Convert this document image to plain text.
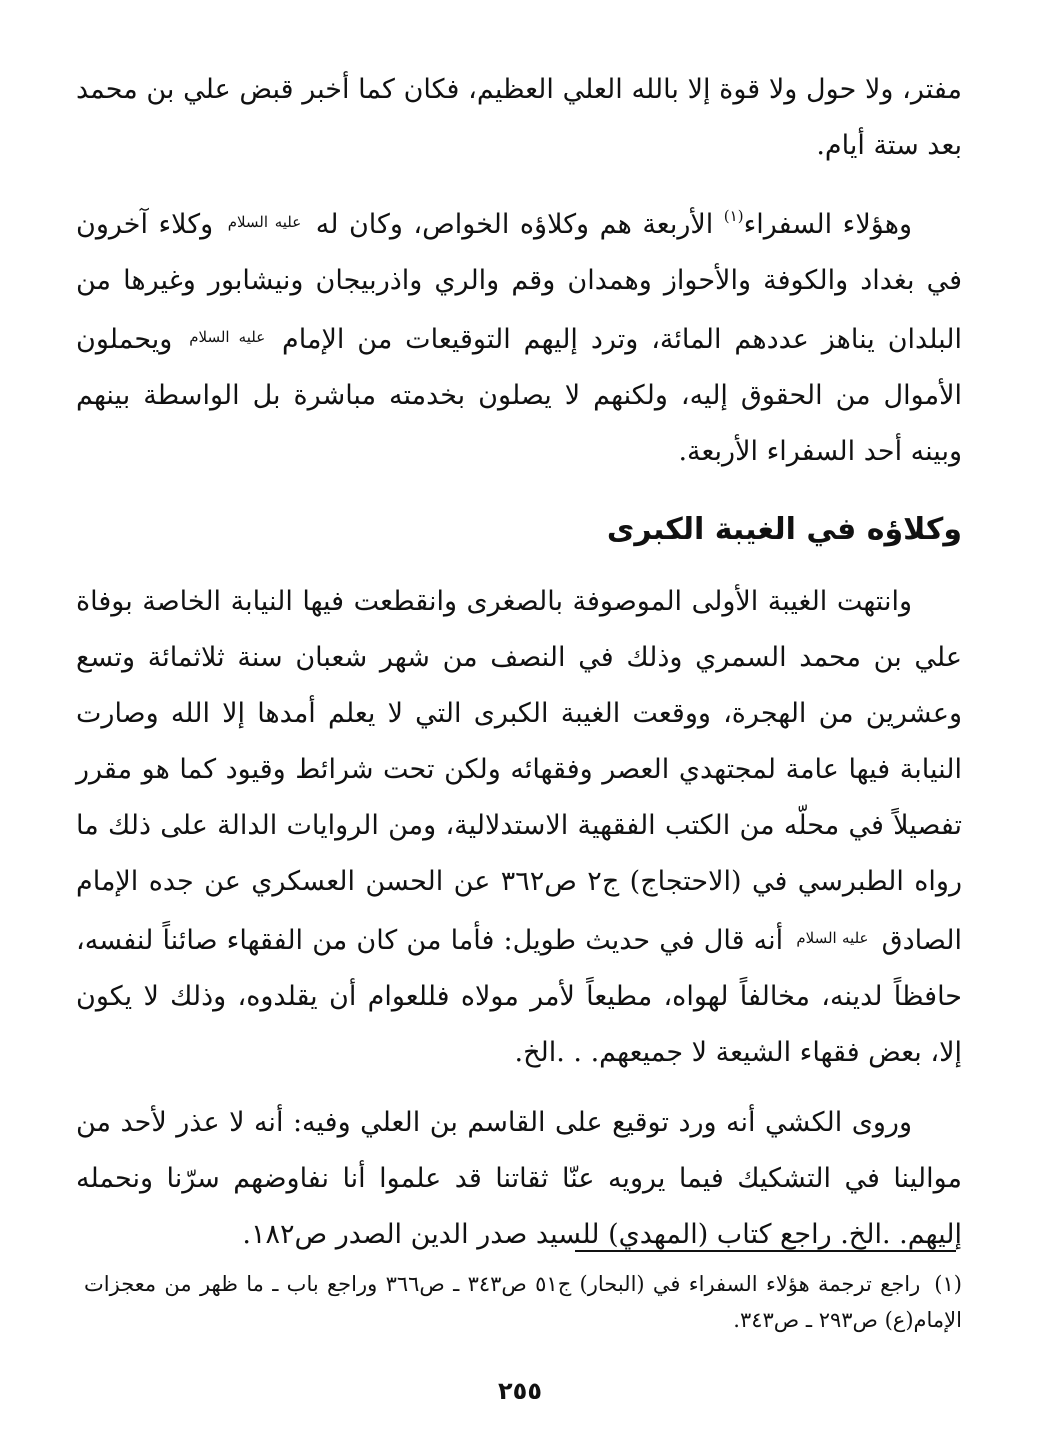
مفتر، ولا حول ولا قوة إلا بالله العلي العظيم، فكان كما أخبر قبض علي بن محمد بعد ستة أيام.

وهؤلاء السفراء$^{(١)}$ الأربعة هم وكلاؤه الخواص، وكان له $^{عليه السلام}$ وكلاء آخرون في بغداد والكوفة والأحواز وهمدان وقم والري واذربيجان ونيشابور وغيرها من البلدان يناهز عددهم المائة، وترد إليهم التوقيعات من الإمام $^{عليه السلام}$ ويحملون الأموال من الحقوق إليه، ولكنهم لا يصلون بخدمته مباشرة بل الواسطة بينهم وبينه أحد السفراء الأربعة.

وكلاؤه في الغيبة الكبرى

وانتهت الغيبة الأولى الموصوفة بالصغرى وانقطعت فيها النيابة الخاصة بوفاة علي بن محمد السمري وذلك في النصف من شهر شعبان سنة ثلاثمائة وتسع وعشرين من الهجرة، ووقعت الغيبة الكبرى التي لا يعلم أمدها إلا الله وصارت النيابة فيها عامة لمجتهدي العصر وفقهائه ولكن تحت شرائط وقيود كما هو مقرر تفصيلاً في محلّه من الكتب الفقهية الاستدلالية، ومن الروايات الدالة على ذلك ما رواه الطبرسي في (الاحتجاج) ج٢ ص٣٦٢ عن الحسن العسكري عن جده الإمام الصادق $^{عليه السلام}$ أنه قال في حديث طويل: فأما من كان من الفقهاء صائناً لنفسه، حافظاً لدينه، مخالفاً لهواه، مطيعاً لأمر مولاه فللعوام أن يقلدوه، وذلك لا يكون إلا، بعض فقهاء الشيعة لا جميعهم. . .الخ.

وروى الكشي أنه ورد توقيع على القاسم بن العلي وفيه: أنه لا عذر لأحد من موالينا في التشكيك فيما يرويه عنّا ثقاتنا قد علموا أنا نفاوضهم سرّنا ونحمله إليهم. .الخ. راجع كتاب (المهدي) للسيد صدر الدين الصدر ص١٨٢.

(١)راجع ترجمة هؤلاء السفراء في (البحار) ج٥١ ص٣٤٣ ـ ص٣٦٦ وراجع باب ـ ما ظهر من معجزات الإمام(ع) ص٢٩٣ ـ ص٣٤٣.
٢٥٥
